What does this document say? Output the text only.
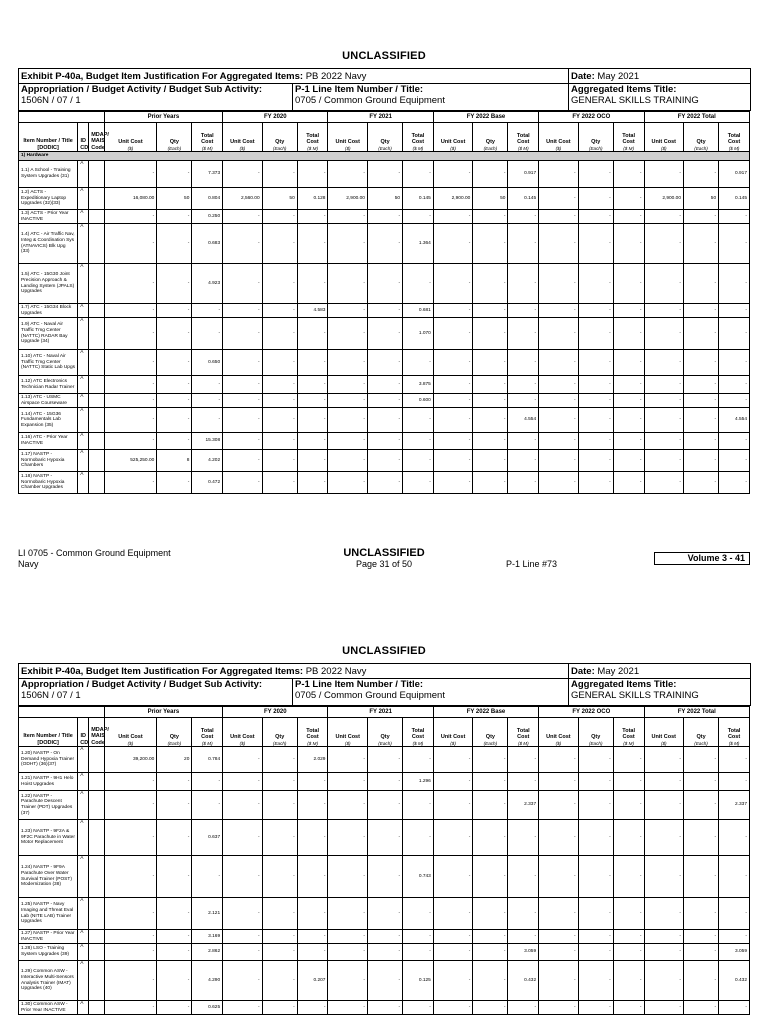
UNCLASSIFIED
Exhibit P-40a, Budget Item Justification For Aggregated Items: PB 2022 Navy		Date: May 2021
Appropriation / Budget Activity / Budget Sub Activity:
1506N / 07 / 1	P-1 Line Item Number / Title:
0705 / Common Ground Equipment	Aggregated Items Title:
GENERAL SKILLS TRAINING
			Prior Years			FY 2020			FY 2021			FY 2022 Base			FY 2022 OCO			FY 2022 Total		
Item Number / Title [DODIC]	ID CD	MDAP/ MAIS Code	Unit Cost
($)	Qty
(Each)	Total Cost
($ M)	Unit Cost
($)	Qty
(Each)	Total Cost
($ M)	Unit Cost
($)	Qty
(Each)	Total Cost
($ M)	Unit Cost
($)	Qty
(Each)	Total Cost
($ M)	Unit Cost
($)	Qty
(Each)	Total Cost
($ M)	Unit Cost
($)	Qty
(Each)	Total Cost
($ M)

1) Hardware																				
1.1) A School - Training System Upgrades (31)	A		-	-	7.373	-	-	-	-	-	-	-	-	0.917	-	-	-	-	-	0.917
1.2) ACTS - Expeditionary Laptop Upgrades (32)(33)	A		16,080.00	50	0.804	2,560.00	50	0.128	2,900.00	50	0.145	2,900.00	50	0.145	-	-	-	2,900.00	50	0.145
1.3) ACTS - Prior Year INACTIVE	A		-	-	0.250	-	-	-	-	-	-	-	-	-	-	-	-	-	-	-
1.4) ATC - Air Traffic Nav, Integ & Coordination Sys (ATNAVICS) Blk Upg (33)	A		-	-	0.683	-	-	-	-	-	1.364	-	-	-	-	-	-	-	-	-
1.5) ATC - 15G30 Joint Precision Approach & Landing System (JPALS) Upgrades	A		-	-	4.923	-	-	-	-	-	-	-	-	-	-	-	-	-	-	-
1.7) ATC - 15G34 Block Upgrades	A		-	-	-	-	-	4.583	-	-	0.681	-	-	-	-	-	-	-	-	-
1.9) ATC - Naval Air Traffic Tmg Center (NATTC) RADAR Bay Upgrade (34)	A		-	-	-	-	-	-	-	-	1.070	-	-	-	-	-	-	-	-	-
1.10) ATC - Naval Air Traffic Tmg Center (NATTC) Static Lab Upgs	A		-	-	0.650	-	-	-	-	-	-	-	-	-	-	-	-	-	-	-
1.12) ATC Electronics Technician Radar Trainer	A		-	-	-	-	-	-	-	-	3.875	-	-	-	-	-	-	-	-	-
1.13) ATC - USMC Airspace Courseware	A		-	-	-	-	-	-	-	-	0.600	-	-	-	-	-	-	-	-	-
1.14) ATC - 15G36 Fundamentals Lab Expansion (35)	A		-	-	-	-	-	-	-	-	-	-	-	4.554	-	-	-	-	-	4.554
1.16) ATC - Prior Year INACTIVE	A		-	-	15.308	-	-	-	-	-	-	-	-	-	-	-	-	-	-	-
1.17) NASTP - Normobaric Hypoxia Chambers	A		525,250.00	8	4.202	-	-	-	-	-	-	-	-	-	-	-	-	-	-	-
1.18) NASTP - Normobaric Hypoxia Chamber Upgrades	A		-	-	0.472	-	-	-	-	-	-	-	-	-	-	-	-	-	-	-
LI 0705 - Common Ground Equipment
Navy
UNCLASSIFIED
Page 31 of 50	P-1 Line #73
Volume 3 - 41
UNCLASSIFIED
Exhibit P-40a, Budget Item Justification For Aggregated Items: PB 2022 Navy		Date: May 2021
Appropriation / Budget Activity / Budget Sub Activity:
1506N / 07 / 1	P-1 Line Item Number / Title:
0705 / Common Ground Equipment	Aggregated Items Title:
GENERAL SKILLS TRAINING
			Prior Years			FY 2020			FY 2021			FY 2022 Base			FY 2022 OCO			FY 2022 Total		
Item Number / Title [DODIC]	ID CD	MDAP/ MAIS Code	Unit Cost
($)	Qty
(Each)	Total Cost
($ M)	Unit Cost
($)	Qty
(Each)	Total Cost
($ M)	Unit Cost
($)	Qty
(Each)	Total Cost
($ M)	Unit Cost
($)	Qty
(Each)	Total Cost
($ M)	Unit Cost
($)	Qty
(Each)	Total Cost
($ M)	Unit Cost
($)	Qty
(Each)	Total Cost
($ M)

1.20) NASTP - On Demand Hypoxia Trainer (ODHT) (36)(37)	A		39,200.00	20	0.784	-	-	2.029	-	-	-	-	-	-	-	-	-	-	-	-
1.21) NASTP - 9H1 Helo Hoist Upgrades	A		-	-	-	-	-	-	-	-	1.296	-	-	-	-	-	-	-	-	-
1.22) NASTP - Parachute Descent Trainer (PDT) Upgrades (37)	A		-	-	-	-	-	-	-	-	-	-	-	2.337	-	-	-	-	-	2.337
1.23) NASTP - 9F2A & 9F2C Parachute in Water Motor Replacement	A		-	-	0.637	-	-	-	-	-	-	-	-	-	-	-	-	-	-	-
1.24) NASTP - 9F9A Parachute Over Water Survival Trainer (POST) Modernization (38)	A		-	-	-	-	-	-	-	-	0.743	-	-	-	-	-	-	-	-	-
1.25) NASTP - Navy Imaging and Threat Eval Lab (NITE LAB) Trainer Upgrades	A		-	-	2.121	-	-	-	-	-	-	-	-	-	-	-	-	-	-	-
1.27) NASTP - Prior Year INACTIVE	A		-	-	3.169	-	-	-	-	-	-	-	-	-	-	-	-	-	-	-
1.28) LSO - Training System Upgrades (39)	A		-	-	2.862	-	-	-	-	-	-	-	-	3.059	-	-	-	-	-	3.059
1.29) Common ASW - Interactive Multi-Sensors Analysis Trainer (IMAT) Upgrades (40)	A		-	-	4.290	-	-	0.207	-	-	0.125	-	-	0.432	-	-	-	-	-	0.432
1.30) Common ASW - Prior Year INACTIVE	A		-	-	0.625	-	-	-	-	-	-	-	-	-	-	-	-	-	-	-
